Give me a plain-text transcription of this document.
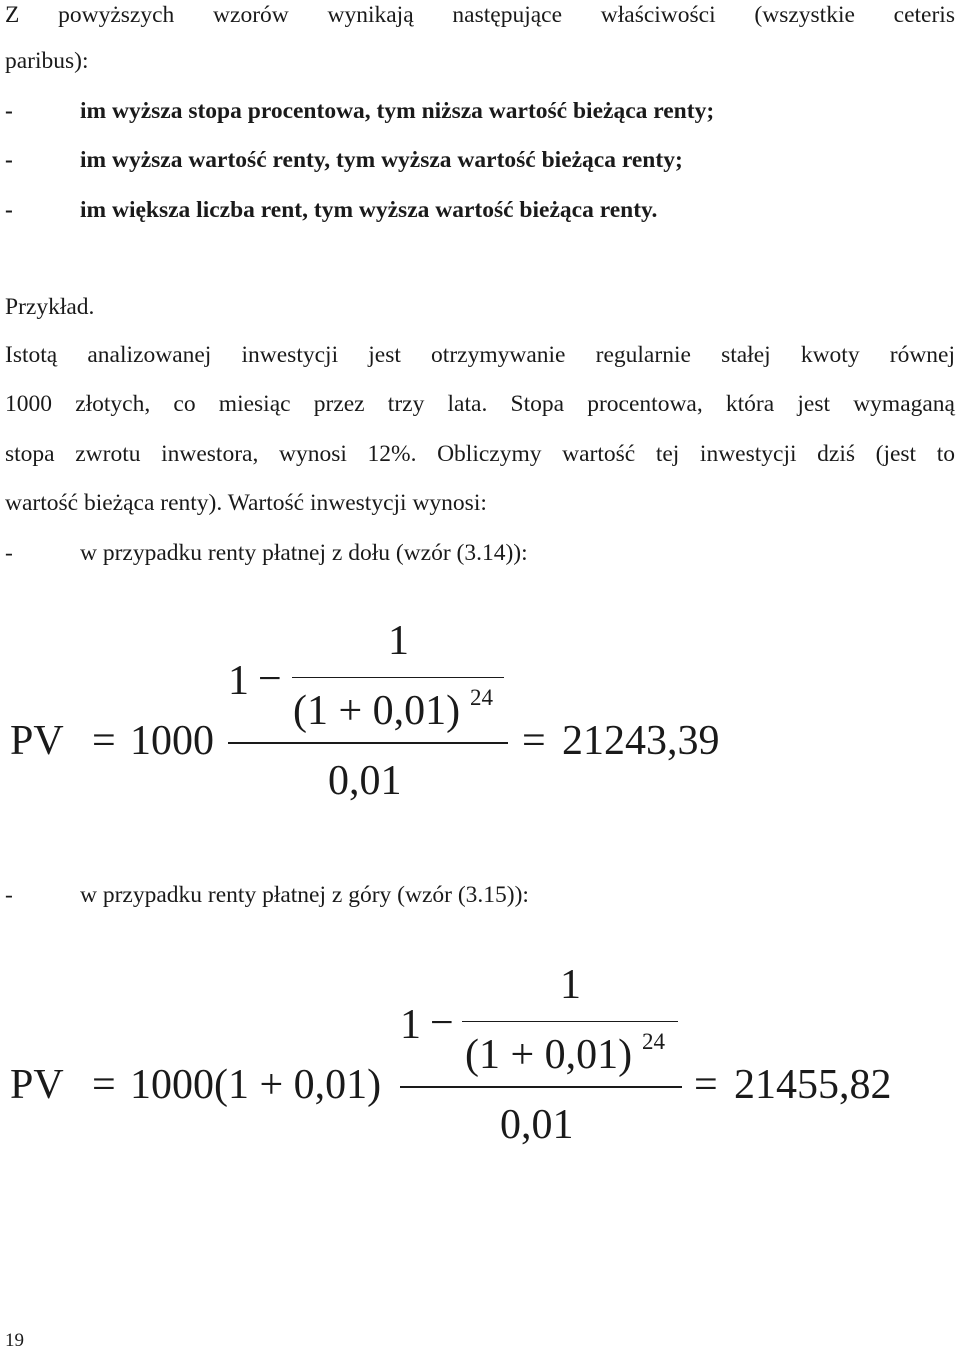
Z powyższych wzorów wynikają następujące właściwości (wszystkie ceteris
paribus):
-	im wyższa stopa procentowa, tym niższa wartość bieżąca renty;
-	im wyższa wartość renty, tym wyższa wartość bieżąca renty;
-	im większa liczba rent, tym wyższa wartość bieżąca renty.
Przykład.
Istotą analizowanej inwestycji jest otrzymywanie regularnie stałej kwoty równej
1000 złotych, co miesiąc przez trzy lata. Stopa procentowa, która jest wymaganą
stopa zwrotu inwestora, wynosi 12%. Obliczymy wartość tej inwestycji dziś (jest to
wartość bieżąca renty). Wartość inwestycji wynosi:
-	w przypadku renty płatnej z dołu (wzór (3.14)):
PV = 1000
1 −
1
(1 + 0,01) 24
0,01
= 21243,39
-	w przypadku renty płatnej z góry (wzór (3.15)):
PV = 1000(1 + 0,01)
1 −
1
(1 + 0,01) 24
0,01
= 21455,82
19
